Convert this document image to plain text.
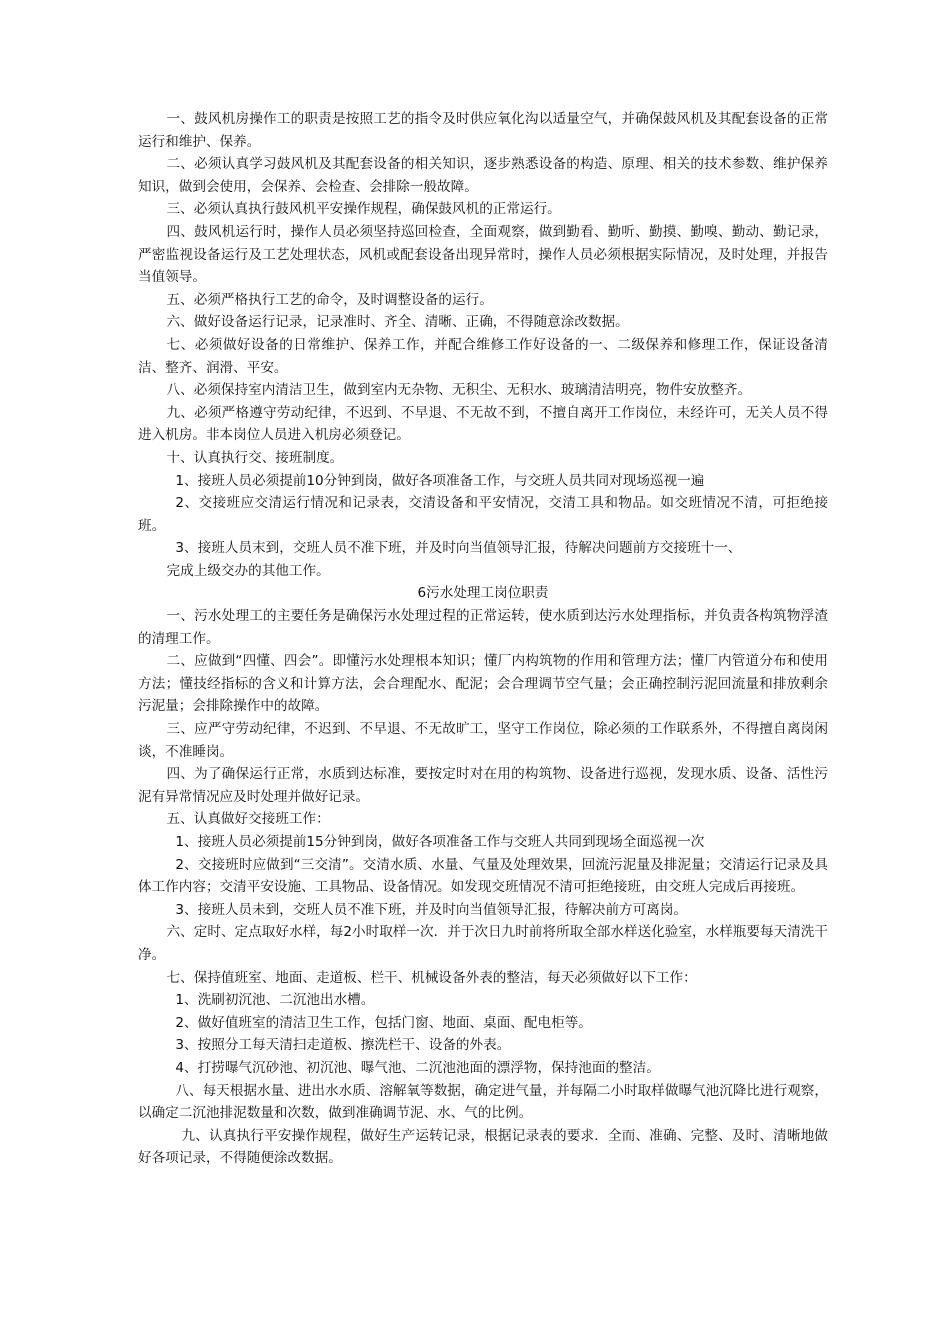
一、鼓风机房操作工的职责是按照工艺的指令及时供应氧化沟以适量空气，并确保鼓风机及其配套设备的正常运行和维护、保养。

二、必须认真学习鼓风机及其配套设备的相关知识，逐步熟悉设备的构造、原理、相关的技术参数、维护保养知识，做到会使用，会保养、会检查、会排除一般故障。

三、必须认真执行鼓风机平安操作规程，确保鼓风机的正常运行。

四、鼓风机运行时，操作人员必须坚持巡回检查，全面观察，做到勤看、勤听、勤摸、勤嗅、勤动、勤记录，严密监视设备运行及工艺处理状态，风机或配套设备出现异常时，操作人员必须根据实际情况，及时处理，并报告当值领导。

五、必须严格执行工艺的命令，及时调整设备的运行。

六、做好设备运行记录，记录准时、齐全、清晰、正确，不得随意涂改数据。

七、必须做好设备的日常维护、保养工作，并配合维修工作好设备的一、二级保养和修理工作，保证设备清洁、整齐、润滑、平安。

八、必须保持室内清洁卫生，做到室内无杂物、无积尘、无积水、玻璃清洁明亮，物件安放整齐。

九、必须严格遵守劳动纪律，不迟到、不早退、不无故不到，不擅自离开工作岗位，未经许可，无关人员不得进入机房。非本岗位人员进入机房必须登记。

十、认真执行交、接班制度。

1、接班人员必须提前10分钟到岗，做好各项准备工作，与交班人员共同对现场巡视一遍

2、交接班应交清运行情况和记录表，交清设备和平安情况，交清工具和物品。如交班情况不清，可拒绝接班。

3、接班人员末到，交班人员不准下班，并及时向当值领导汇报，待解决问题前方交接班十一、

完成上级交办的其他工作。

6污水处理工岗位职责

一、污水处理工的主要任务是确保污水处理过程的正常运转，使水质到达污水处理指标，并负责各构筑物浮渣的清理工作。

二、应做到“四懂、四会”。即懂污水处理根本知识；懂厂内构筑物的作用和管理方法；懂厂内管道分布和使用方法；懂技经指标的含义和计算方法，会合理配水、配泥；会合理调节空气量；会正确控制污泥回流量和排放剩余污泥量；会排除操作中的故障。

三、应严守劳动纪律，不迟到、不早退、不无故旷工，坚守工作岗位，除必须的工作联系外，不得擅自离岗闲谈，不准睡岗。

四、为了确保运行正常，水质到达标准，要按定时对在用的构筑物、设备进行巡视，发现水质、设备、活性污泥有异常情况应及时处理并做好记录。

五、认真做好交接班工作：

1、接班人员必须提前15分钟到岗，做好各项准备工作与交班人共同到现场全面巡视一次

2、交接班时应做到“三交清”。交清水质、水量、气量及处理效果，回流污泥量及排泥量；交清运行记录及具体工作内容；交清平安设施、工具物品、设备情况。如发现交班情况不清可拒绝接班，由交班人完成后再接班。

3、接班人员未到，交班人员不准下班，并及时向当值领导汇报，待解决前方可离岗。

六、定时、定点取好水样，每2小时取样一次．并于次日九时前将所取全部水样送化验室，水样瓶要每天清洗干净。

七、保持值班室、地面、走道板、栏干、机械设备外表的整洁，每天必须做好以下工作：

1、洗刷初沉池、二沉池出水槽。

2、做好值班室的清洁卫生工作，包括门窗、地面、桌面、配电柜等。

3、按照分工每天清扫走道板、擦洗栏干、设备的外表。

4、打捞曝气沉砂池、初沉池、曝气池、二沉池池面的漂浮物，保持池面的整洁。

八、每天根据水量、进出水水质、溶解氧等数据，确定进气量，并每隔二小时取样做曝气池沉降比进行观察，以确定二沉池排泥数量和次数，做到准确调节泥、水、气的比例。

九、认真执行平安操作规程，做好生产运转记录，根据记录表的要求．全而、准确、完整、及时、清晰地做好各项记录，不得随便涂改数据。
